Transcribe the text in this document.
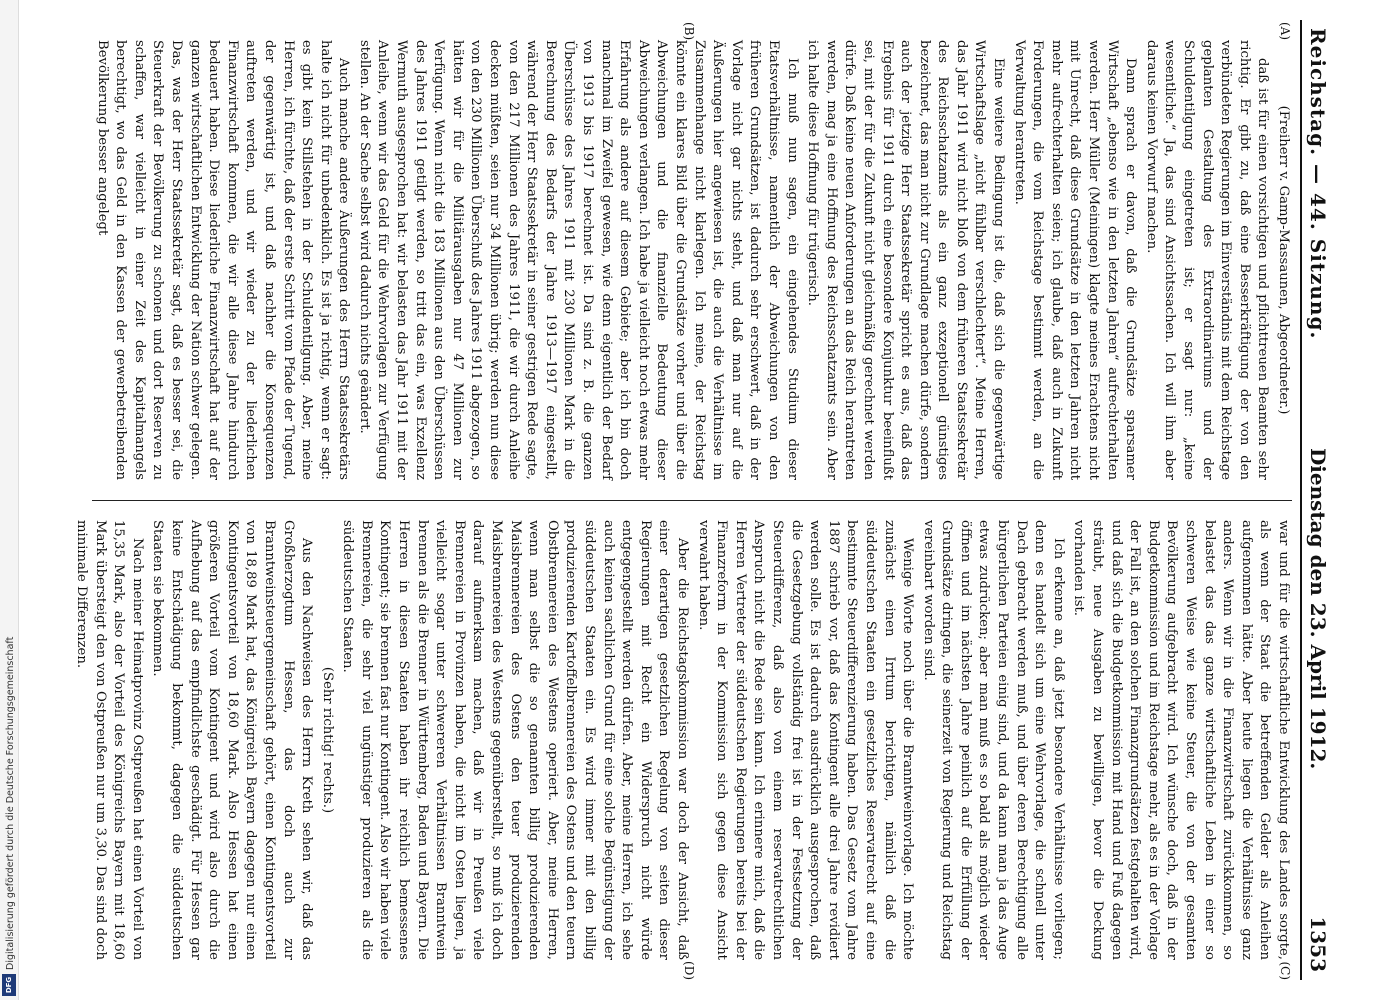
Digitalisierung gefördert durch die Deutsche Forschungsgemeinschaft
DFG
Reichstag. — 44. Sitzung.
Dienstag den 23. April 1912. 1353
(A)
(B)
(C)
(D)

(Freiherr v. Gamp-Massaunen, Abgeordneter.)

daß ist für einen vorsichtigen und pflichttreuen Beamten sehr richtig. Er gibt zu, daß eine Besserkräftigung der von den verbündeten Regierungen im Einverständnis mit dem Reichstage geplanten Gestaltung des Extraordinariums und der Schuldentilgung eingetreten ist; er sagt nur: „keine wesentliche.“ Ja, das sind Ansichtssachen. Ich will ihm aber daraus keinen Vorwurf machen.

Dann sprach er davon, daß die Grundsätze sparsamer Wirtschaft „ebenso wie in den letzten Jahren“ aufrechterhalten werden. Herr Müller (Meiningen) klagte meines Erachtens nicht mit Unrecht, daß diese Grundsätze in den letzten Jahren nicht mehr aufrechterhalten seien; ich glaube, daß auch in Zukunft Forderungen, die vom Reichstage bestimmt werden, an die Verwaltung herantreten.

Eine weitere Bedingung ist die, daß sich die gegenwärtige Wirtschaftslage „nicht fühlbar verschlechtert“. Meine Herren, das Jahr 1911 wird nicht bloß von dem früheren Staatssekretär des Reichsschatzamts als ein ganz exzeptionell günstiges bezeichnet, das man nicht zur Grundlage machen dürfe, sondern auch der jetzige Herr Staatssekretär spricht es aus, daß das Ergebnis für 1911 durch eine besondere Konjunktur beeinflußt sei, mit der für die Zukunft nicht gleichmäßig gerechnet werden dürfe. Daß keine neuen Anforderungen an das Reich herantreten werden, mag ja eine Hoffnung des Reichsschatzamts sein. Aber ich halte diese Hoffnung für trügerisch.

Ich muß nun sagen, ein eingehendes Studium dieser Etatsverhältnisse, namentlich der Abweichungen von den früheren Grundsätzen, ist dadurch sehr erschwert, daß in der Vorlage nicht gar nichts steht, und daß man nur auf die Äußerungen hier angewiesen ist, die auch die Verhältnisse im Zusammenhange nicht klarlegen. Ich meine, der Reichstag könnte ein klares Bild über die Grundsätze vorher und über die Abweichungen und die finanzielle Bedeutung dieser Abweichungen verlangen. Ich habe ja vielleicht noch etwas mehr Erfahrung als andere auf diesem Gebiete; aber ich bin doch manchmal im Zweifel gewesen, wie denn eigentlich der Bedarf von 1913 bis 1917 berechnet ist. Da sind z. B. die ganzen Überschüsse des Jahres 1911 mit 230 Millionen Mark in die Berechnung des Bedarfs der Jahre 1913—1917 eingestellt, während der Herr Staatssekretär in seiner gestrigen Rede sagte, von den 217 Millionen des Jahres 1911, die wir durch Anleihe decken müßten, seien nur 34 Millionen übrig; werden nun diese von den 230 Millionen Überschuß des Jahres 1911 abgezogen, so hätten wir für die Militärausgaben nur 47 Millionen zur Verfügung. Wenn nicht die 183 Millionen aus den Überschüssen des Jahres 1911 getilgt werden, so tritt das ein, was Exzellenz Wermuth ausgesprochen hat: wir belasten das Jahr 1911 mit der Anleihe, wenn wir das Geld für die Wehrvorlagen zur Verfügung stellen. An der Sache selbst wird dadurch nichts geändert.

Auch manche andere Äußerungen des Herrn Staatssekretärs halte ich nicht für unbedenklich. Es ist ja richtig, wenn er sagt: es gibt kein Stillstehen in der Schuldentilgung. Aber, meine Herren, ich fürchte, daß der erste Schritt vom Pfade der Tugend, der gegenwärtig ist, und daß nachher die Konsequenzen auftreten werden, und wir wieder zu der liederlichen Finanzwirtschaft kommen, die wir alle diese Jahre hindurch bedauert haben. Diese liederliche Finanzwirtschaft hat auf der ganzen wirtschaftlichen Entwicklung der Nation schwer gelegen. Das, was der Herr Staatssekretär sagt, daß es besser sei, die Steuerkraft der Bevölkerung zu schonen und dort Reserven zu schaffen, war vielleicht in einer Zeit des Kapitalmangels berechtigt, wo das Geld in den Kassen der gewerbetreibenden Bevölkerung besser angelegt

war und für die wirtschaftliche Entwicklung des Landes sorgte, als wenn der Staat die betreffenden Gelder als Anleihen aufgenommen hätte. Aber heute liegen die Verhältnisse ganz anders. Wenn wir in die Finanzwirtschaft zurückkommen, so belastet das das ganze wirtschaftliche Leben in einer so schweren Weise wie keine Steuer, die von der gesamten Bevölkerung aufgebracht wird. Ich wünsche doch, daß in der Budgetkommission und im Reichstage mehr, als es in der Vorlage der Fall ist, an den solchen Finanzgrundsätzen festgehalten wird, und daß sich die Budgetkommission mit Hand und Fuß dagegen sträubt, neue Ausgaben zu bewilligen, bevor die Deckung vorhanden ist.

Ich erkenne an, daß jetzt besondere Verhältnisse vorliegen; denn es handelt sich um eine Wehrvorlage, die schnell unter Dach gebracht werden muß, und über deren Berechtigung alle bürgerlichen Parteien einig sind, und da kann man ja das Auge etwas zudrücken; aber man muß es so bald als möglich wieder öffnen und im nächsten Jahre peinlich auf die Erfüllung der Grundsätze dringen, die seinerzeit von Regierung und Reichstag vereinbart worden sind.

Wenige Worte noch über die Branntweinvorlage. Ich möchte zunächst einen Irrtum berichtigen, nämlich daß die süddeutschen Staaten ein gesetzliches Reservatrecht auf eine bestimmte Steuerdifferenzierung haben. Das Gesetz vom Jahre 1887 schrieb vor, daß das Kontingent alle drei Jahre revidiert werden solle. Es ist dadurch ausdrücklich ausgesprochen, daß die Gesetzgebung vollständig frei ist in der Festsetzung der Steuerdifferenz, daß also von einem reservatrechtlichen Anspruch nicht die Rede sein kann. Ich erinnere mich, daß die Herren Vertreter der süddeutschen Regierungen bereits bei der Finanzreform in der Kommission sich gegen diese Ansicht verwahrt haben.

Aber die Reichstagskommission war doch der Ansicht, daß einer derartigen gesetzlichen Regelung von seiten dieser Regierungen mit Recht ein Widerspruch nicht würde entgegengestellt werden dürfen. Aber, meine Herren, ich sehe auch keinen sachlichen Grund für eine solche Begünstigung der süddeutschen Staaten ein. Es wird immer mit den billig produzierenden Kartoffelbrennereien des Ostens und den teuern Obstbrennereien des Westens operiert. Aber, meine Herren, wenn man selbst die so genannten billig produzierenden Maisbrennereien des Ostens den teuer produzierenden Maisbrennereien des Westens gegenüberstellt, so muß ich doch darauf aufmerksam machen, daß wir in Preußen viele Brennereien in Provinzen haben, die nicht im Osten liegen, ja vielleicht sogar unter schwereren Verhältnissen Branntwein brennen als die Brenner in Württemberg, Baden und Bayern. Die Herren in diesen Staaten haben ihr reichlich bemessenes Kontingent; sie brennen fast nur Kontingent. Also wir haben viele Brennereien, die sehr viel ungünstiger produzieren als die süddeutschen Staaten.

(Sehr richtig! rechts.)

Aus den Nachweisen des Herrn Kreth sehen wir, daß das Großherzogtum Hessen, das doch auch zur Branntweinsteuergemeinschaft gehört, einen Kontingentsvorteil von 18,89 Mark hat, das Königreich Bayern dagegen nur einen Kontingentsvorteil von 18,60 Mark. Also Hessen hat einen größeren Vorteil vom Kontingent und wird also durch die Aufhebung auf das empfindlichste geschädigt. Für Hessen gar keine Entschädigung bekommt, dagegen die süddeutschen Staaten sie bekommen.

Nach meiner Heimatprovinz Ostpreußen hat einen Vorteil von 15,35 Mark, also der Vorteil des Königreichs Bayern mit 18,60 Mark übersteigt den von Ostpreußen nur um 3,30. Das sind doch minimale Differenzen.
